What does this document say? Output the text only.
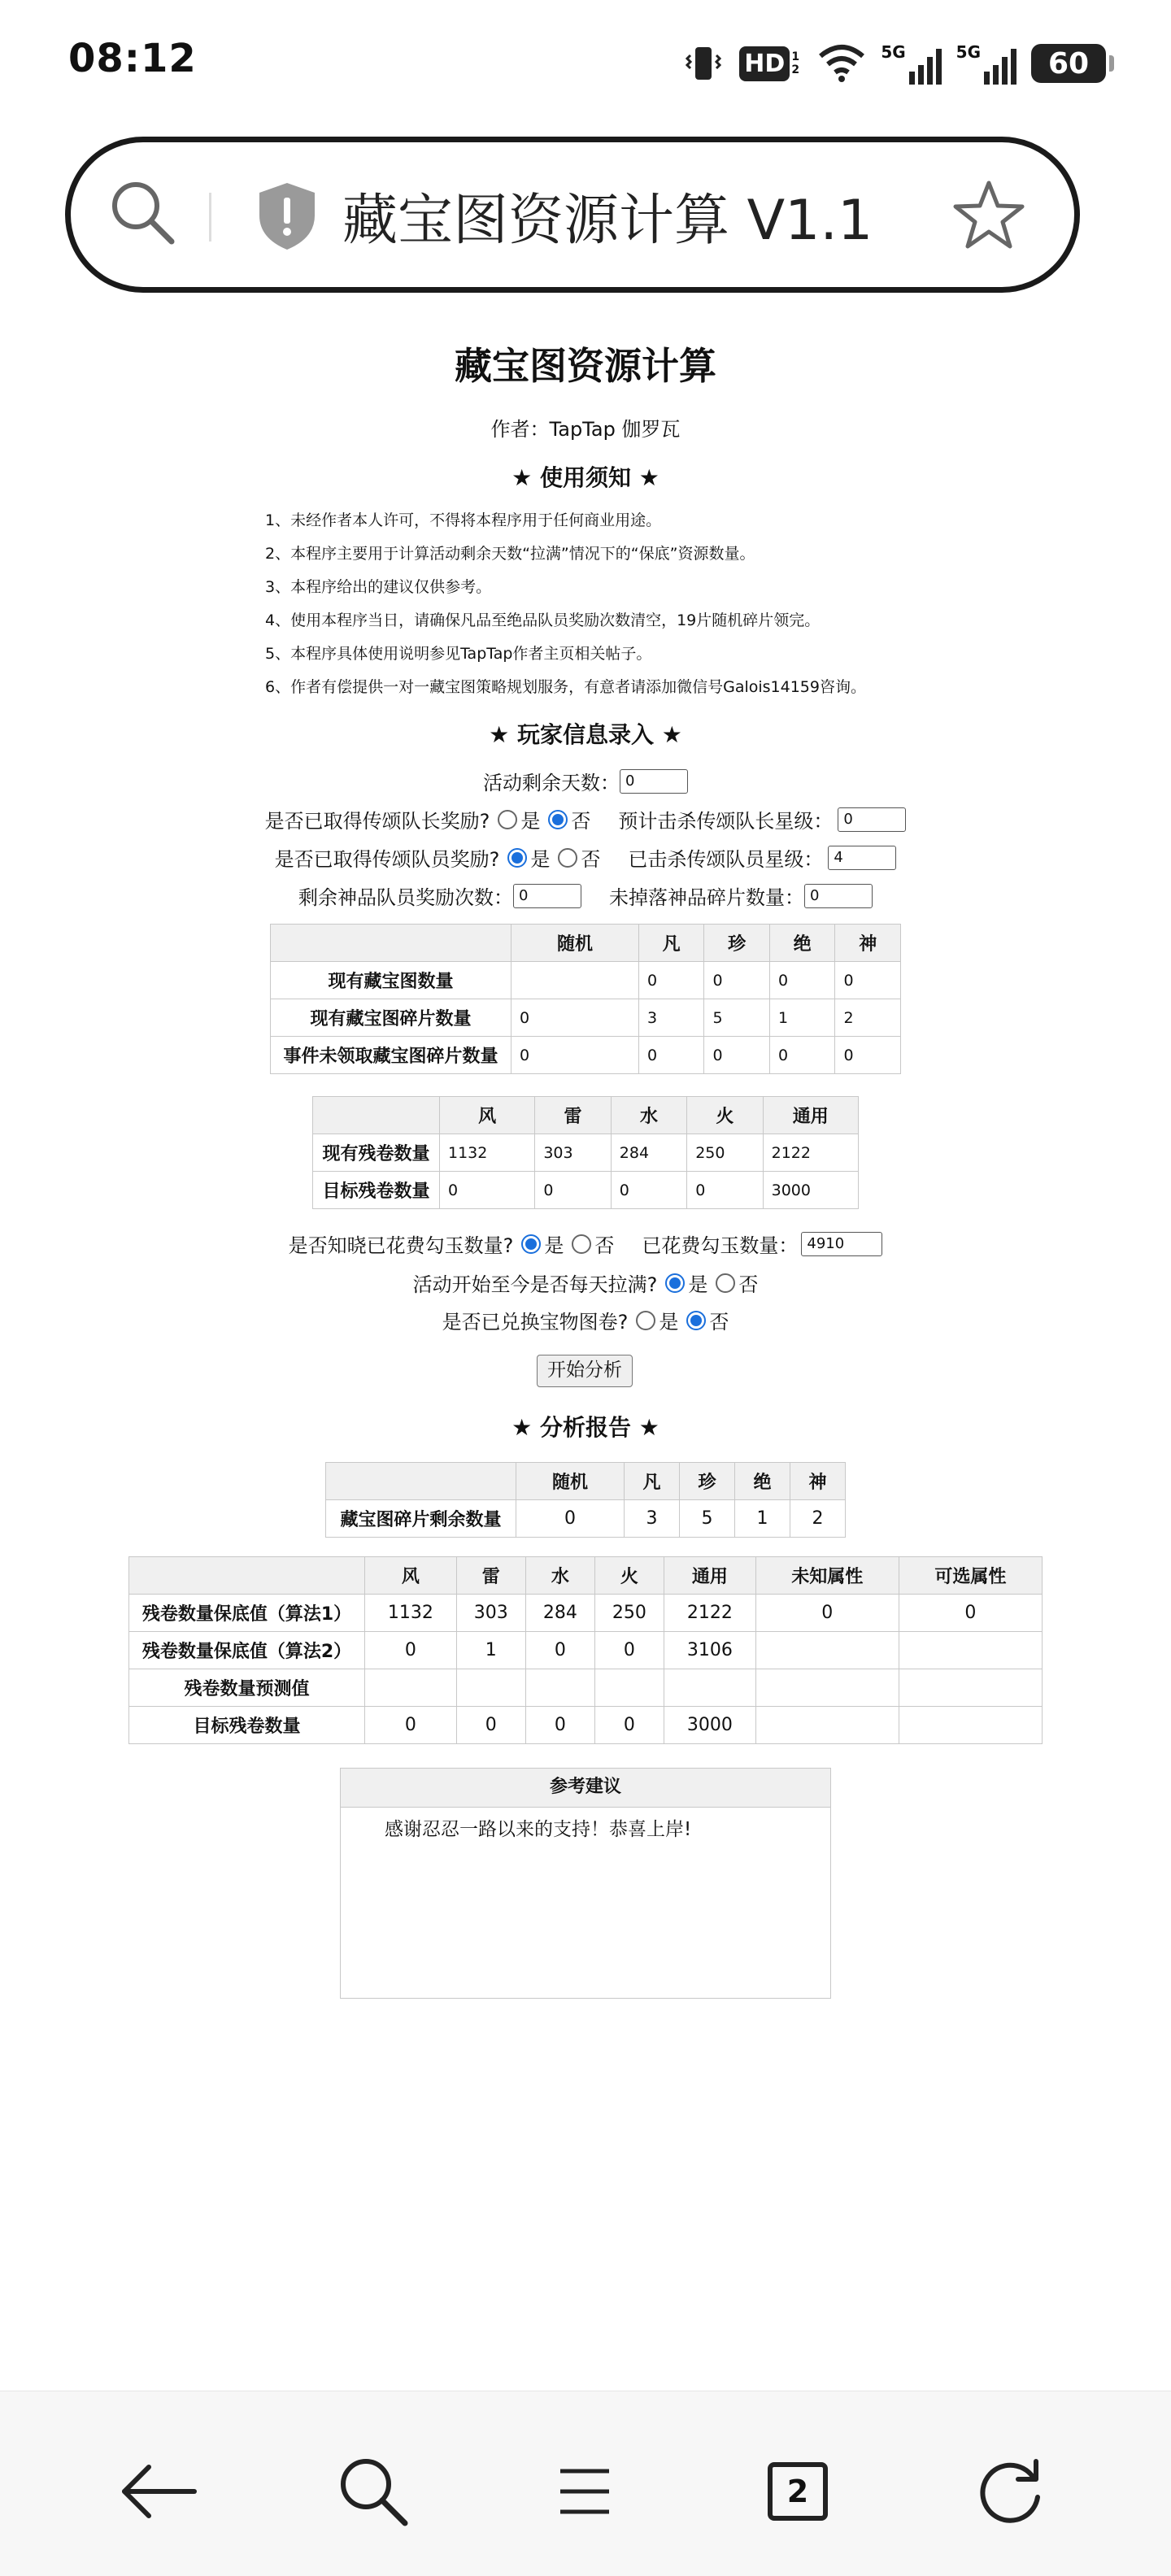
08:12	HD 1 2
5G	5G 60
藏宝图资源计算 V1.1
藏宝图资源计算
作者：TapTap 伽罗瓦
★ 使用须知 ★
1、未经作者本人许可，不得将本程序用于任何商业用途。
2、本程序主要用于计算活动剩余天数“拉满”情况下的“保底”资源数量。
3、本程序给出的建议仅供参考。
4、使用本程序当日，请确保凡品至绝品队员奖励次数清空，19片随机碎片领完。
5、本程序具体使用说明参见TapTap作者主页相关帖子。
6、作者有偿提供一对一藏宝图策略规划服务，有意者请添加微信号Galois14159咨询。
★ 玩家信息录入 ★
活动剩余天数： 0
是否已取得传颂队长奖励? 是 否 预计击杀传颂队长星级： 0
是否已取得传颂队员奖励? 是 否 已击杀传颂队员星级： 4
剩余神品队员奖励次数： 0	未掉落神品碎片数量： 0
	随机	凡	珍	绝	神
现有藏宝图数量		0	0	0	0
现有藏宝图碎片数量	0	3	5	1	2
事件未领取藏宝图碎片数量	0	0	0	0	0
	风	雷	水	火	通用
现有残卷数量	1132	303	284	250	2122
目标残卷数量	0	0	0	0	3000
是否知晓已花费勾玉数量? 是 否 已花费勾玉数量： 4910
活动开始至今是否每天拉满? 是 否
是否已兑换宝物图卷? 是 否
开始分析
★ 分析报告 ★
	随机	凡	珍	绝	神
藏宝图碎片剩余数量	0	3	5	1	2
	风	雷	水	火	通用	未知属性	可选属性
残卷数量保底值（算法1）	1132	303	284	250	2122	0	0
残卷数量保底值（算法2）	0	1	0	0	3106		
残卷数量预测值							
目标残卷数量	0	0	0	0	3000		
参考建议
感谢忍忍一路以来的支持！恭喜上岸!
2
